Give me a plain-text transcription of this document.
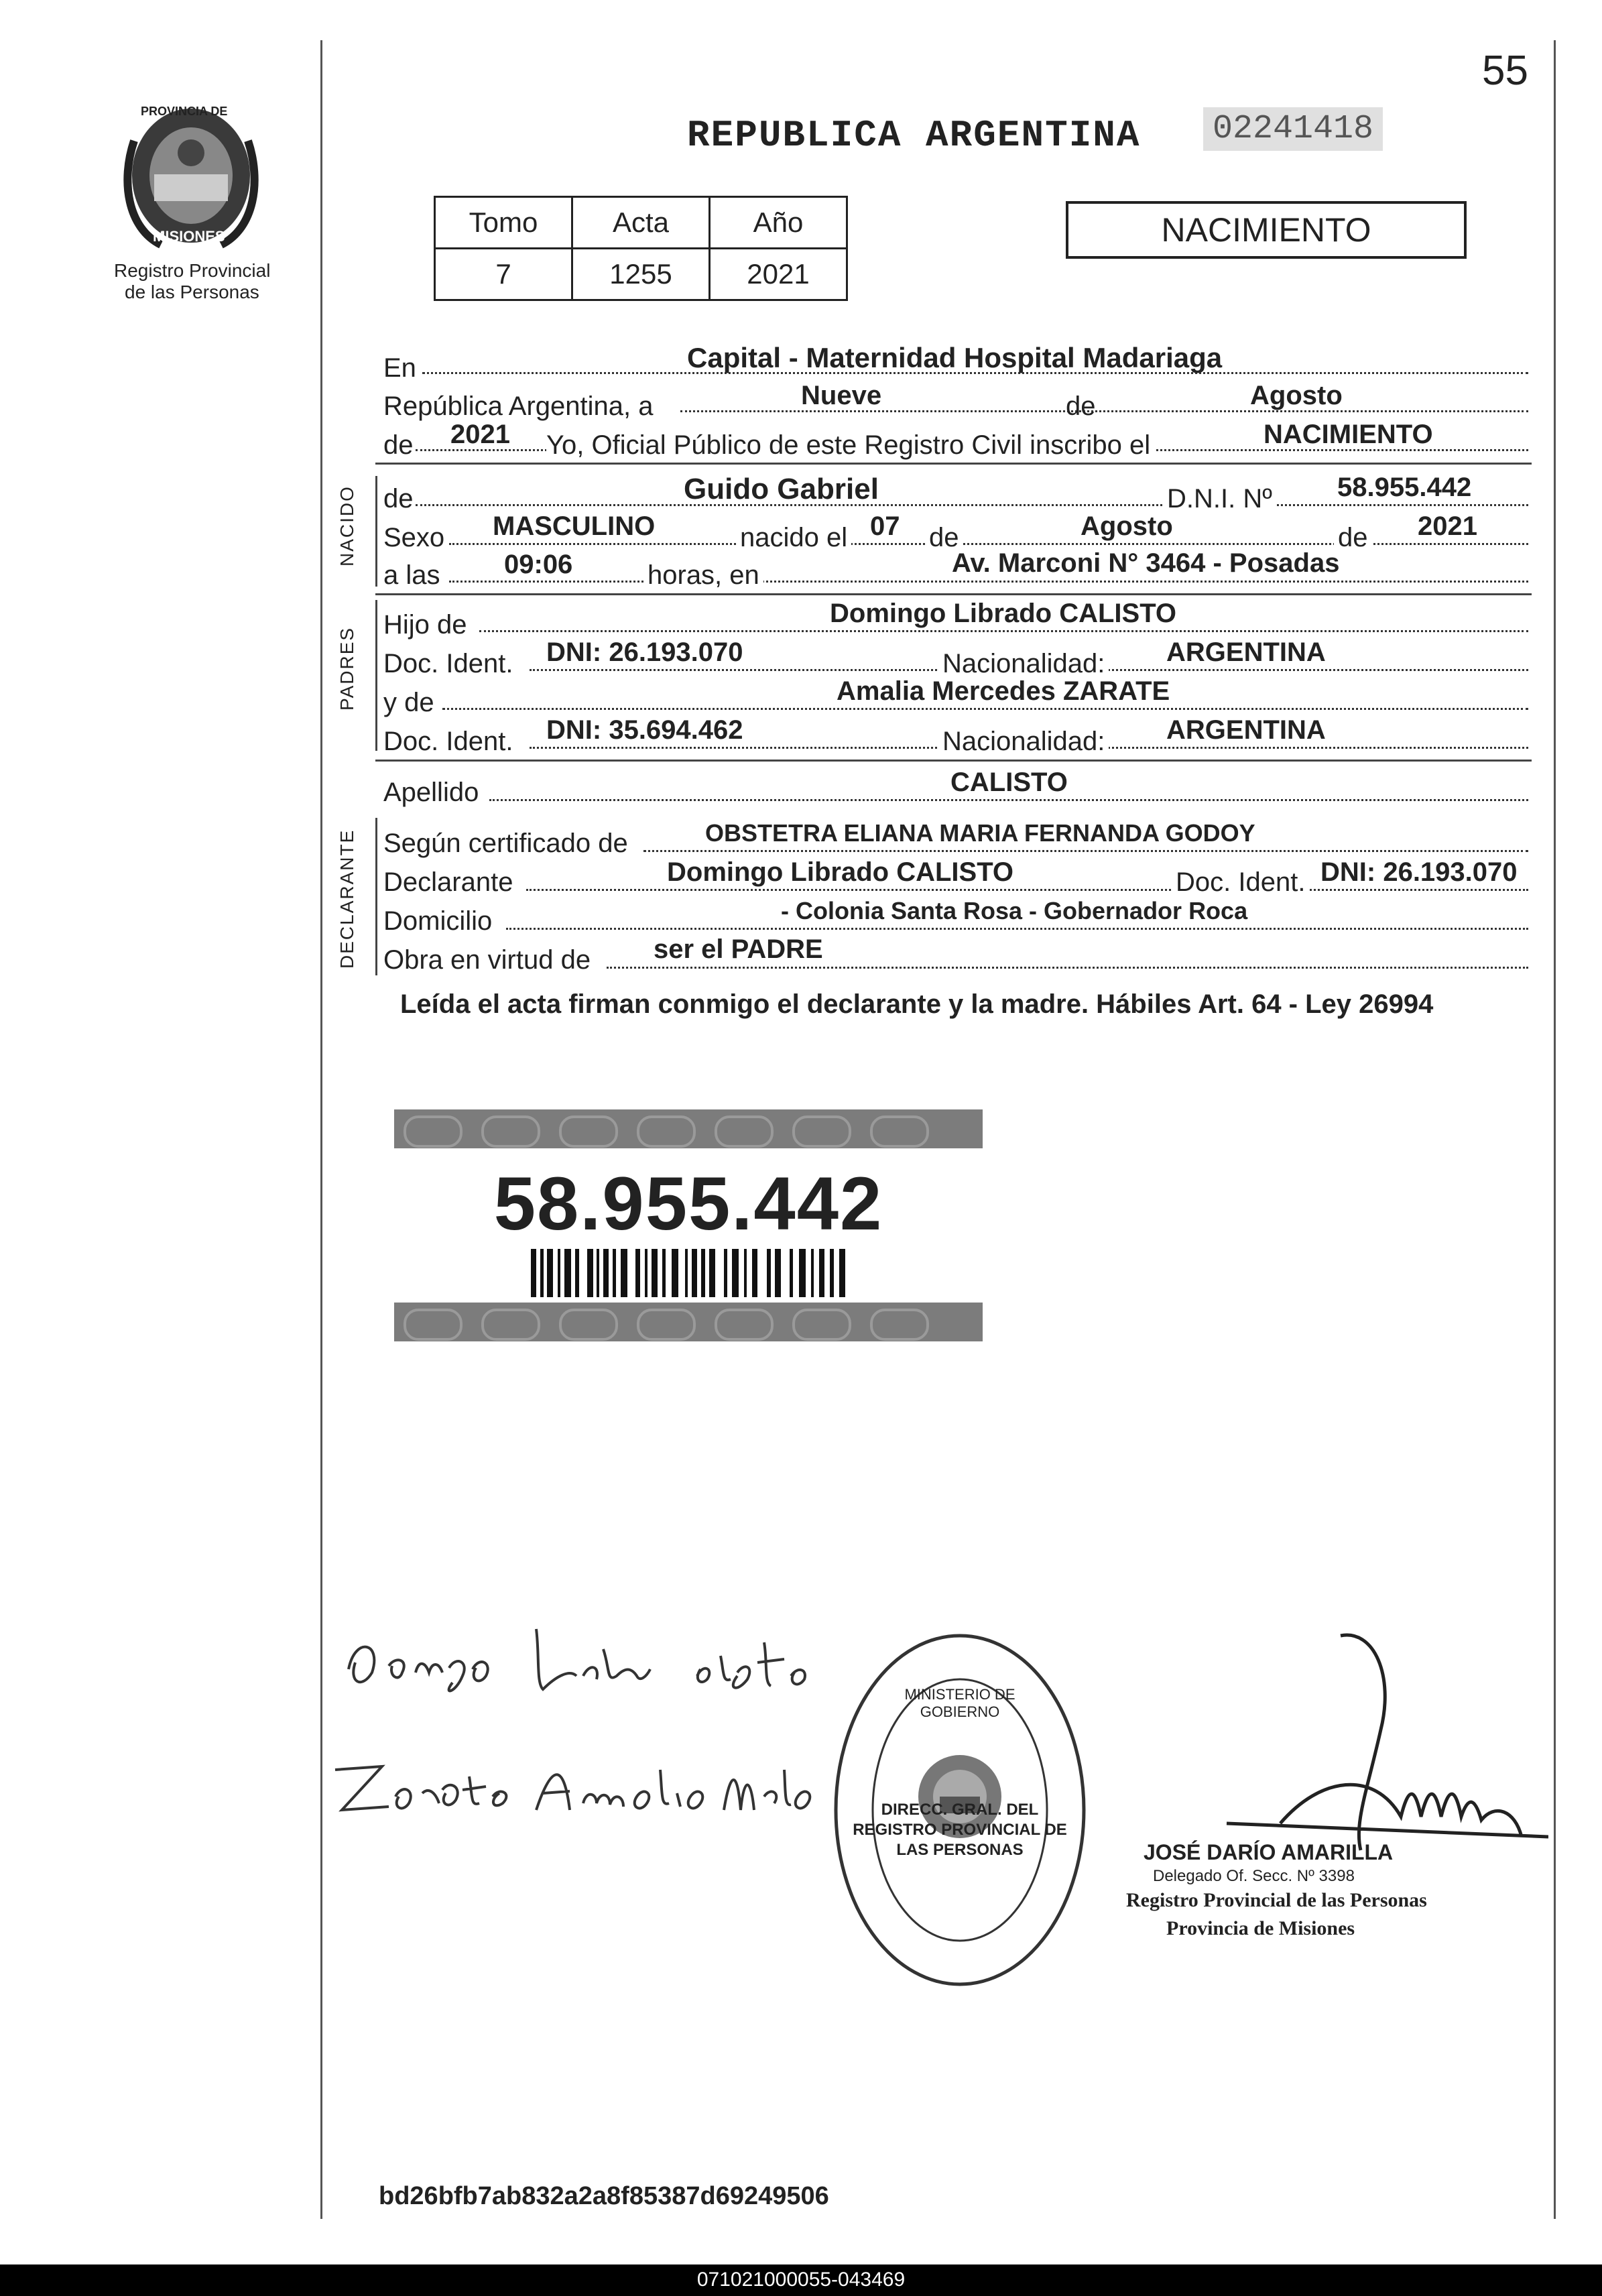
55
PROVINCIA DE
MISIONES
Registro Provincial
de las Personas
REPUBLICA ARGENTINA 02241418
Tomo	Acta	Año
7	1255	2021
NACIMIENTO
En	Capital - Maternidad Hospital Madariaga
República Argentina, a	Nueve	de	Agosto
de 2021 Yo, Oficial Público de este Registro Civil inscribo el	NACIMIENTO
NACIDO de	Guido Gabriel	D.N.I. Nº 58.955.442
Sexo MASCULINO	nacido el 07 de	Agosto	de 2021
a las 09:06	horas, en	Av. Marconi N° 3464 - Posadas
PADRES
Hijo de	Domingo Librado CALISTO
Doc. Ident. DNI: 26.193.070	Nacionalidad: ARGENTINA
y de	Amalia Mercedes ZARATE
Doc. Ident. DNI: 35.694.462	Nacionalidad: ARGENTINA
Apellido	CALISTO
DECLARANTE Según certificado de	OBSTETRA ELIANA MARIA FERNANDA GODOY
Declarante	Domingo Librado CALISTO	Doc. Ident. DNI: 26.193.070
Domicilio	- Colonia Santa Rosa - Gobernador Roca
Obra en virtud de ser el PADRE
Leída el acta firman conmigo el declarante y la madre. Hábiles Art. 64 - Ley 26994
58.955.442
DIRECC. GRAL. DEL REGISTRO PROVINCIAL DE LAS PERSONAS
MINISTERIO DE GOBIERNO
JOSÉ DARÍO AMARILLA
Delegado Of. Secc. Nº 3398
Registro Provincial de las Personas
Provincia de Misiones
bd26bfb7ab832a2a8f85387d69249506
071021000055-043469
